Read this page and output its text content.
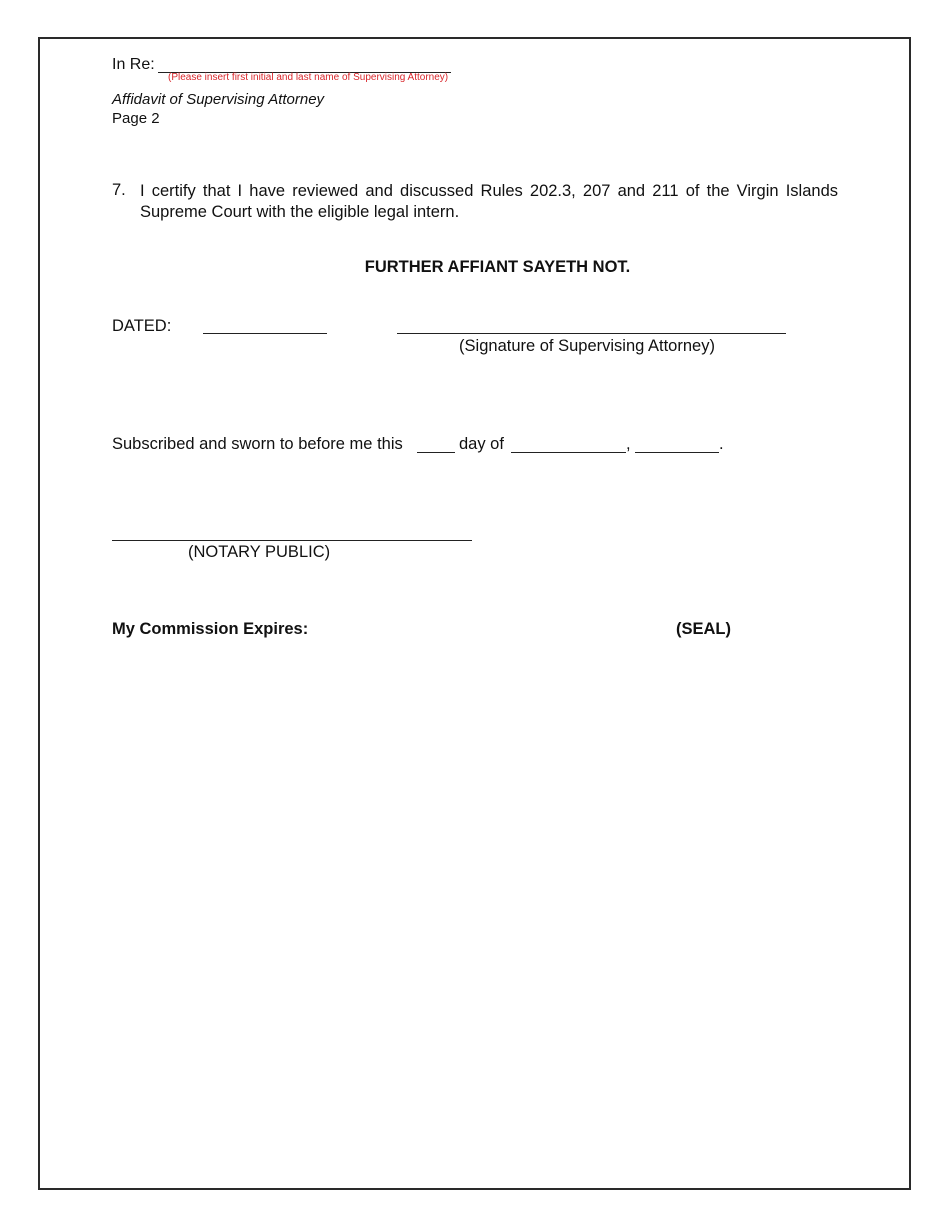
In Re:
(Please insert first initial and last name of Supervising Attorney)
Affidavit of Supervising Attorney
Page 2
7. I certify that I have reviewed and discussed Rules 202.3, 207 and 211 of the Virgin Islands Supreme Court with the eligible legal intern.
FURTHER AFFIANT SAYETH NOT.
DATED:
(Signature of Supervising Attorney)
Subscribed and sworn to before me this	day of	,	.
(NOTARY PUBLIC)
My Commission Expires:	(SEAL)
